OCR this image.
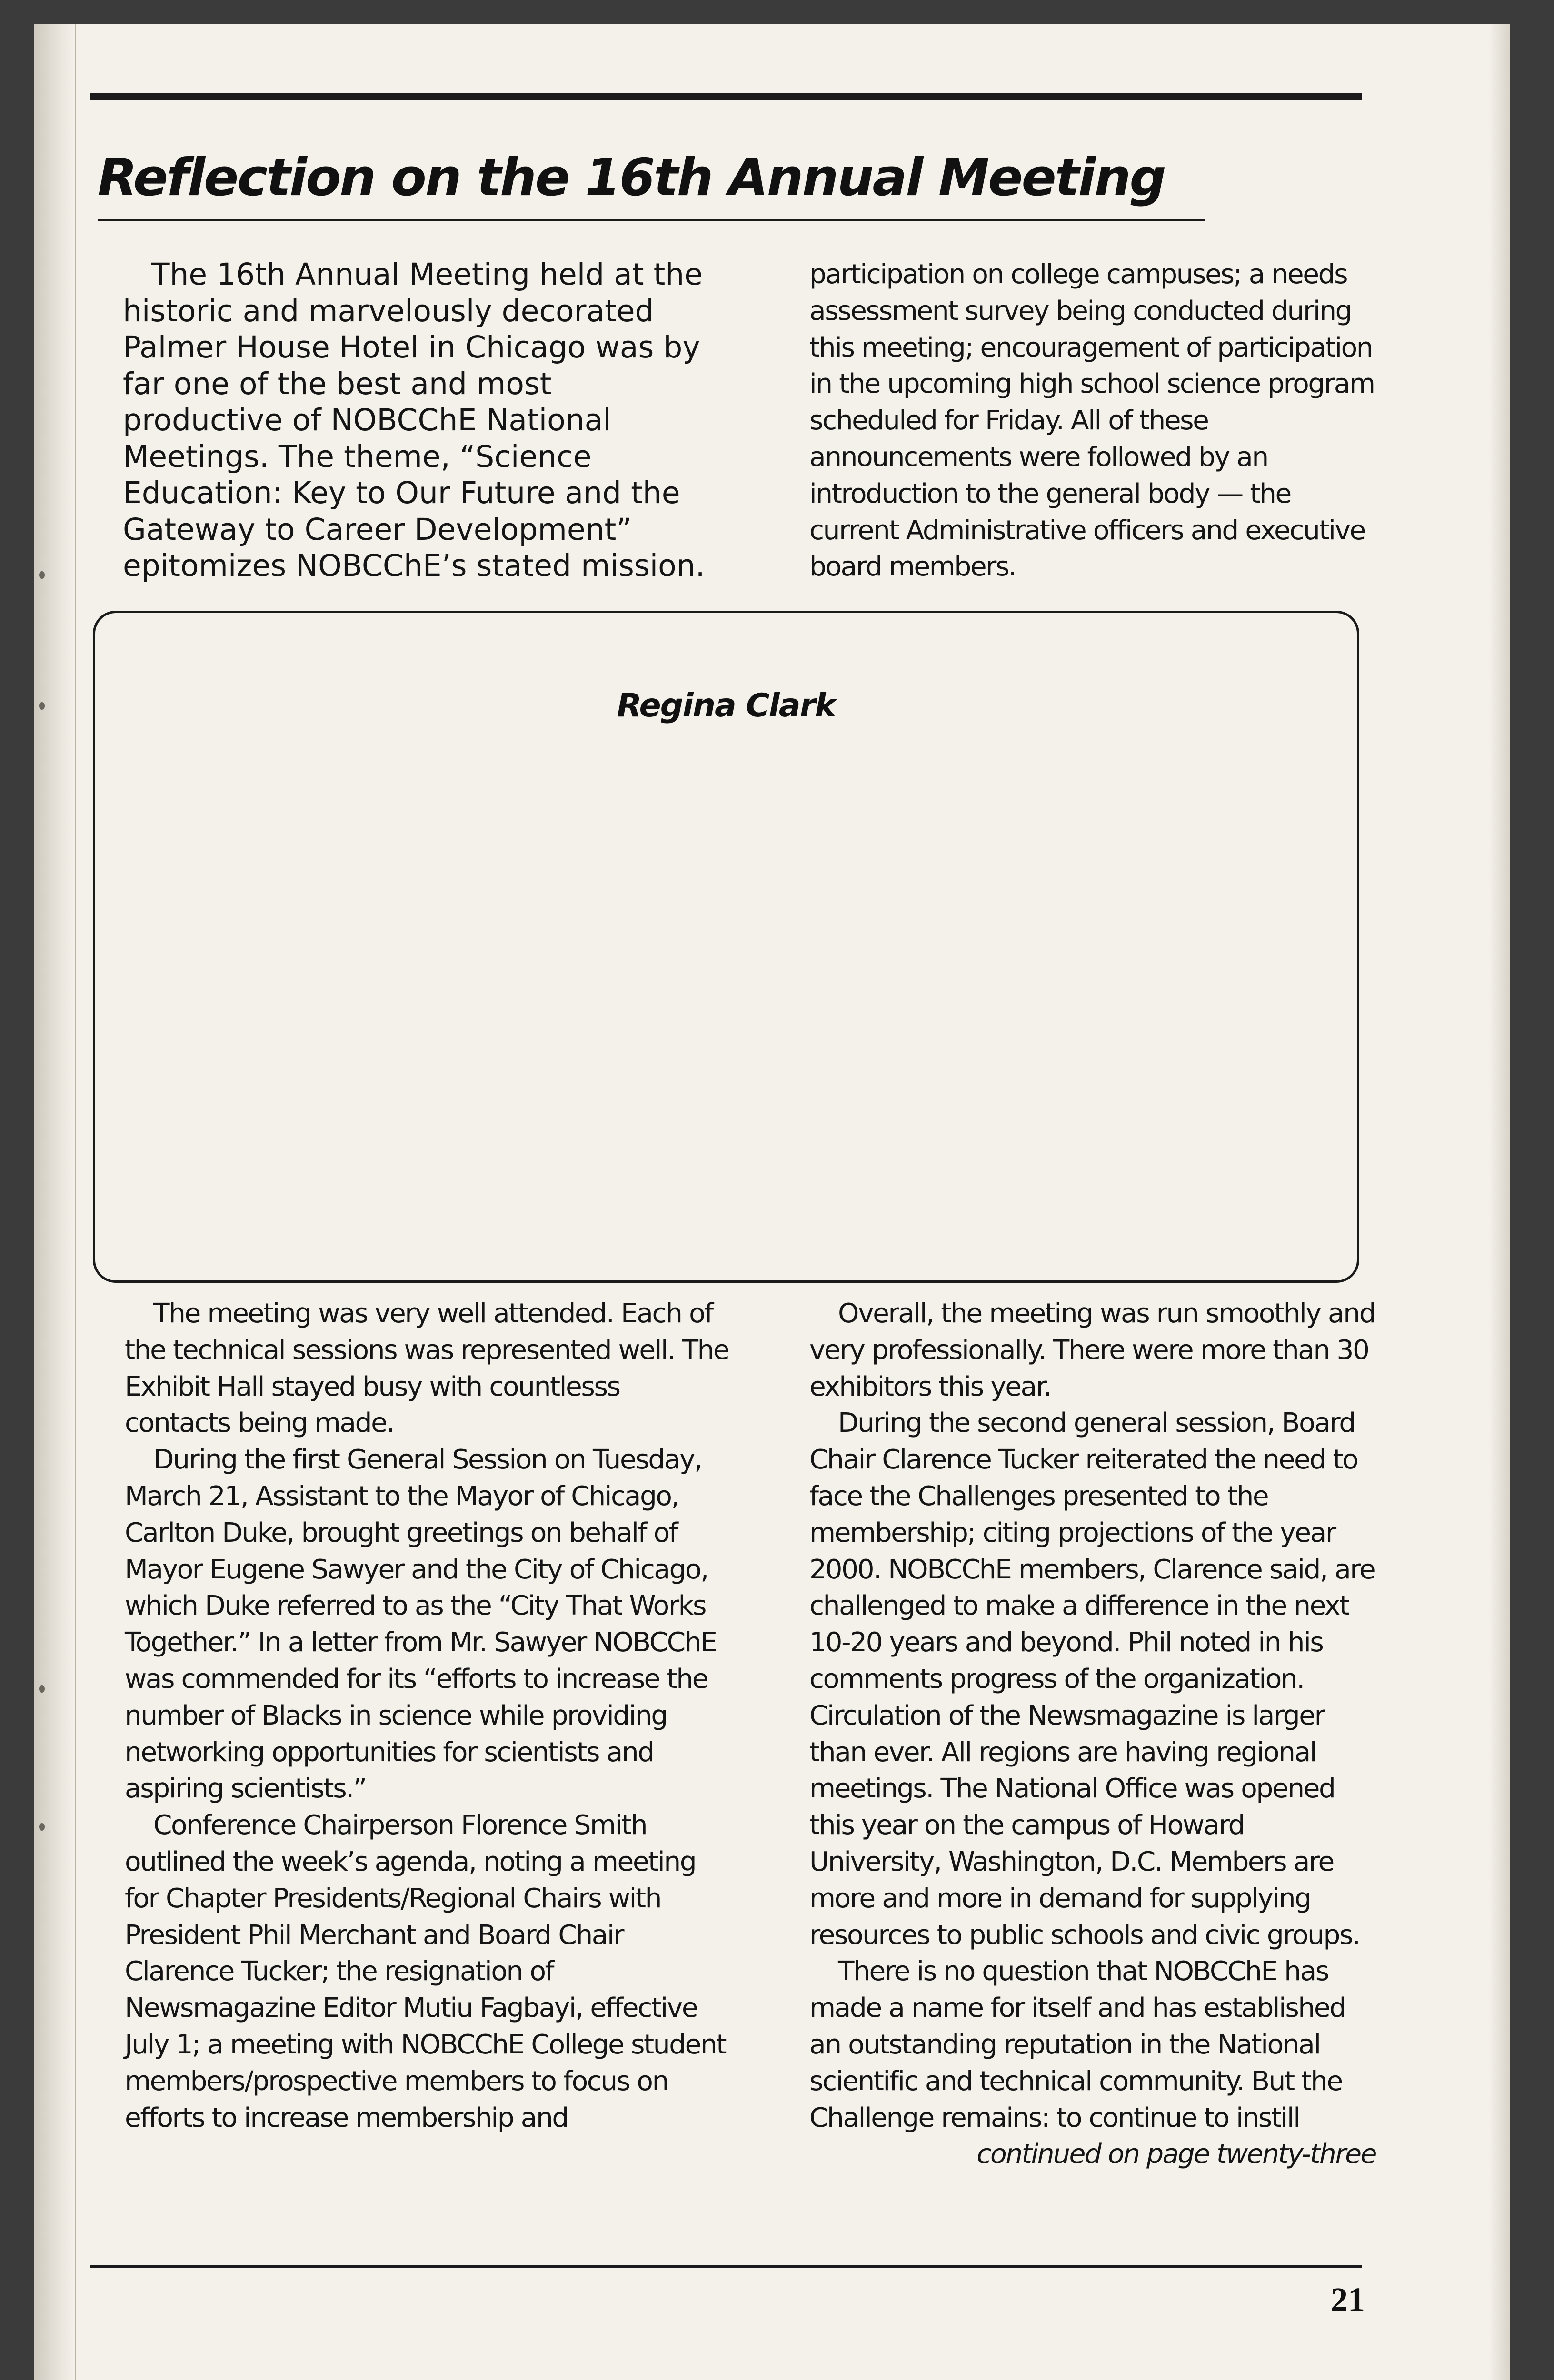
Reflection on the 16th Annual Meeting

The 16th Annual Meeting held at the historic and marvelously decorated Palmer House Hotel in Chicago was by far one of the best and most productive of NOBCChE National Meetings. The theme, “Science Education: Key to Our Future and the Gateway to Career Development” epitomizes NOBCChE’s stated mission.

participation on college campuses; a needs assessment survey being conducted during this meeting; encouragement of participation in the upcoming high school science program scheduled for Friday. All of these announcements were followed by an introduction to the general body — the current Administrative officers and executive board members.

Regina Clark

The meeting was very well attended. Each of the technical sessions was represented well. The Exhibit Hall stayed busy with countlesss contacts being made.

During the first General Session on Tuesday, March 21, Assistant to the Mayor of Chicago, Carlton Duke, brought greetings on behalf of Mayor Eugene Sawyer and the City of Chicago, which Duke referred to as the “City That Works Together.” In a letter from Mr. Sawyer NOBCChE was commended for its “efforts to increase the number of Blacks in science while providing networking opportunities for scientists and aspiring scientists.”

Conference Chairperson Florence Smith outlined the week’s agenda, noting a meeting for Chapter Presidents/Regional Chairs with President Phil Merchant and Board Chair Clarence Tucker; the resignation of Newsmagazine Editor Mutiu Fagbayi, effective July 1; a meeting with NOBCChE College student members/prospective members to focus on efforts to increase membership and

Overall, the meeting was run smoothly and very professionally. There were more than 30 exhibitors this year.

During the second general session, Board Chair Clarence Tucker reiterated the need to face the Challenges presented to the membership; citing projections of the year 2000. NOBCChE members, Clarence said, are challenged to make a difference in the next 10-20 years and beyond. Phil noted in his comments progress of the organization. Circulation of the Newsmagazine is larger than ever. All regions are having regional meetings. The National Office was opened this year on the campus of Howard University, Washington, D.C. Members are more and more in demand for supplying resources to public schools and civic groups.

There is no question that NOBCChE has made a name for itself and has established an outstanding reputation in the National scientific and technical community. But the Challenge remains: to continue to instill

continued on page twenty-three

21
